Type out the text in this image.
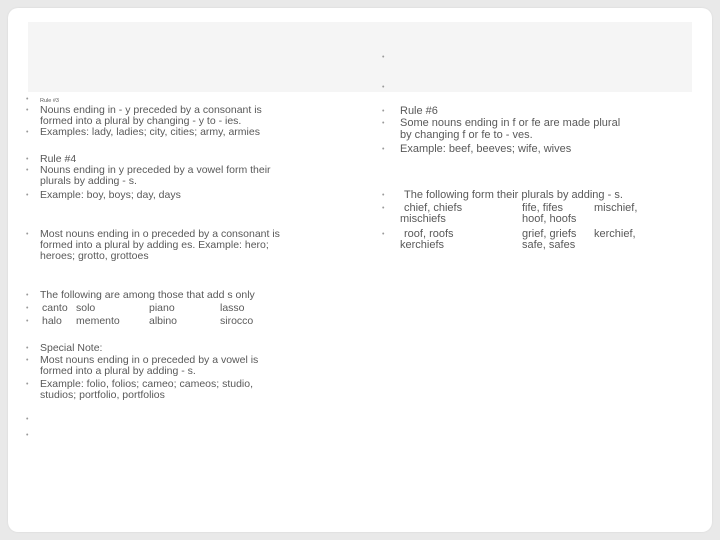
•
•
• Rule #3
• Nouns ending in - y preceded by a consonant is
formed into a plural by changing - y to - ies.
• Examples: lady, ladies; city, cities; army, armies
• Rule #4
• Nouns ending in y preceded by a vowel form their
plurals by adding - s.
• Example: boy, boys; day, days
• Most nouns ending in o preceded by a consonant is
formed into a plural by adding es. Example: hero;
heroes; grotto, grottoes
• The following are among those that add s only
• canto solo	piano	lasso
• halo memento	albino	sirocco
• Special Note:
• Most nouns ending in o preceded by a vowel is
formed into a plural by adding - s.
• Example: folio, folios; cameo; cameos; studio,
studios; portfolio, portfolios
•
•
• Rule #6
• Some nouns ending in f or fe are made plural
by changing f or fe to - ves.
• Example: beef, beeves; wife, wives
• The following form their plurals by adding - s.
• chief, chiefs	fife, fifes	mischief,
mischiefs	hoof, hoofs
• roof, roofs	grief, griefs kerchief,
kerchiefs	safe, safes
